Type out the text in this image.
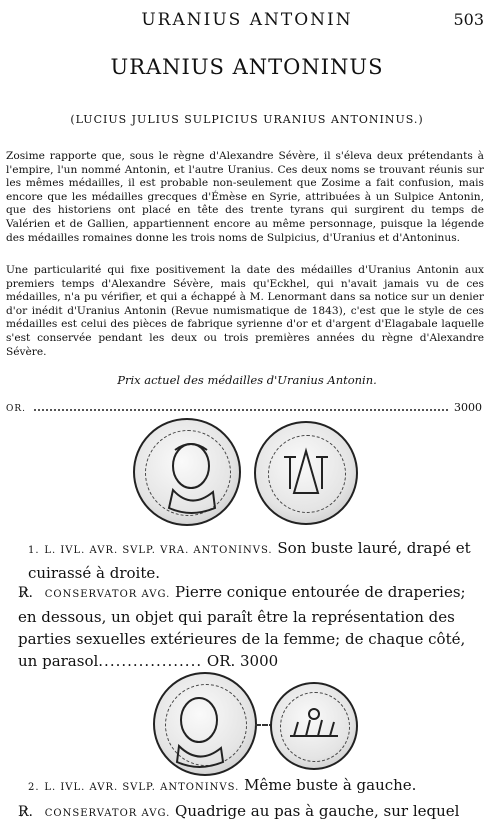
URANIUS ANTONIN	503
URANIUS ANTONINUS
(LUCIUS JULIUS SULPICIUS URANIUS ANTONINUS.)

Zosime rapporte que, sous le règne d'Alexandre Sévère, il s'éleva deux prétendants à l'empire, l'un nommé Antonin, et l'autre Uranius. Ces deux noms se trouvant réunis sur les mêmes médailles, il est probable non-seulement que Zosime a fait confusion, mais encore que les médailles grecques d'Émèse en Syrie, attribuées à un Sulpice Antonin, que des historiens ont placé en tête des trente tyrans qui surgirent du temps de Valérien et de Gallien, appartiennent encore au même personnage, puisque la légende des médailles romaines donne les trois noms de Sulpicius, d'Uranius et d'Antoninus.

Une particularité qui fixe positivement la date des médailles d'Uranius Antonin aux premiers temps d'Alexandre Sévère, mais qu'Eckhel, qui n'avait jamais vu de ces médailles, n'a pu vérifier, et qui a échappé à M. Lenormant dans sa notice sur un denier d'or inédit d'Uranius Antonin (Revue numismatique de 1843), c'est que le style de ces médailles est celui des pièces de fabrique syrienne d'or et d'argent d'Elagabale laquelle s'est conservée pendant les deux ou trois premières années du règne d'Alexandre Sévère.

Prix actuel des médailles d'Uranius Antonin.
OR.	3000
1. L. IVL. AVR. SVLP. VRA. ANTONINVS. Son buste lauré, drapé et cuirassé à droite.
R̷. CONSERVATOR AVG. Pierre conique entourée de draperies; en dessous, un objet qui paraît être la représentation des parties sexuelles extérieures de la femme; de chaque côté, un parasol.................. OR. 3000
2. L. IVL. AVR. SVLP. ANTONINVS. Même buste à gauche.
R̷. CONSERVATOR AVG. Quadrige au pas à gauche, sur lequel
